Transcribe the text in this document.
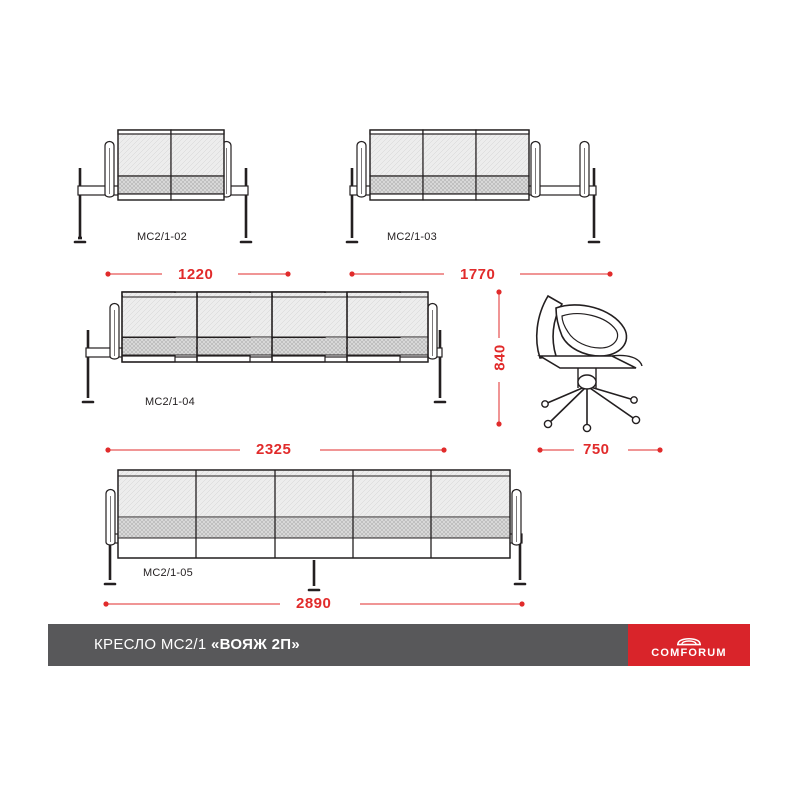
МС2/1-02	МС2/1-03
МС2/1-04
МС2/1-05
1220	1770
2325
2890
840
750
КРЕСЛО МС2/1 «ВОЯЖ 2П»	COMFORUM
